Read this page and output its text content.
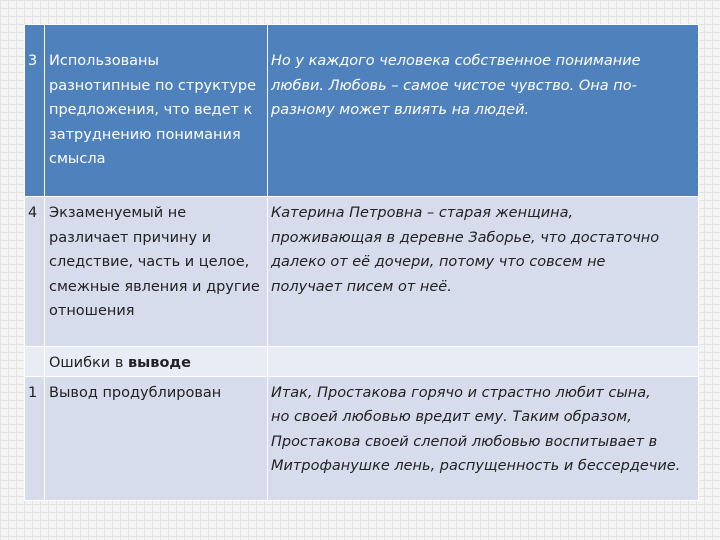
3	Использованы
разнотипные по структуре
предложения, что ведет к
затруднению понимания
смысла	Но у каждого человека собственное понимание
любви. Любовь – самое чистое чувство. Она по-
разному может влиять на людей.
4	Экзаменуемый не
различает причину и
следствие, часть и целое,
смежные явления и другие
отношения	Катерина Петровна – старая женщина,
проживающая в деревне Заборье, что достаточно
далеко от её дочери, потому что совсем не
получает писем от неё.
	Ошибки в выводе	
1	Вывод продублирован	Итак, Простакова горячо и страстно любит сына,
но своей любовью вредит ему. Таким образом,
Простакова своей слепой любовью воспитывает в
Митрофанушке лень, распущенность и бессердечие.
